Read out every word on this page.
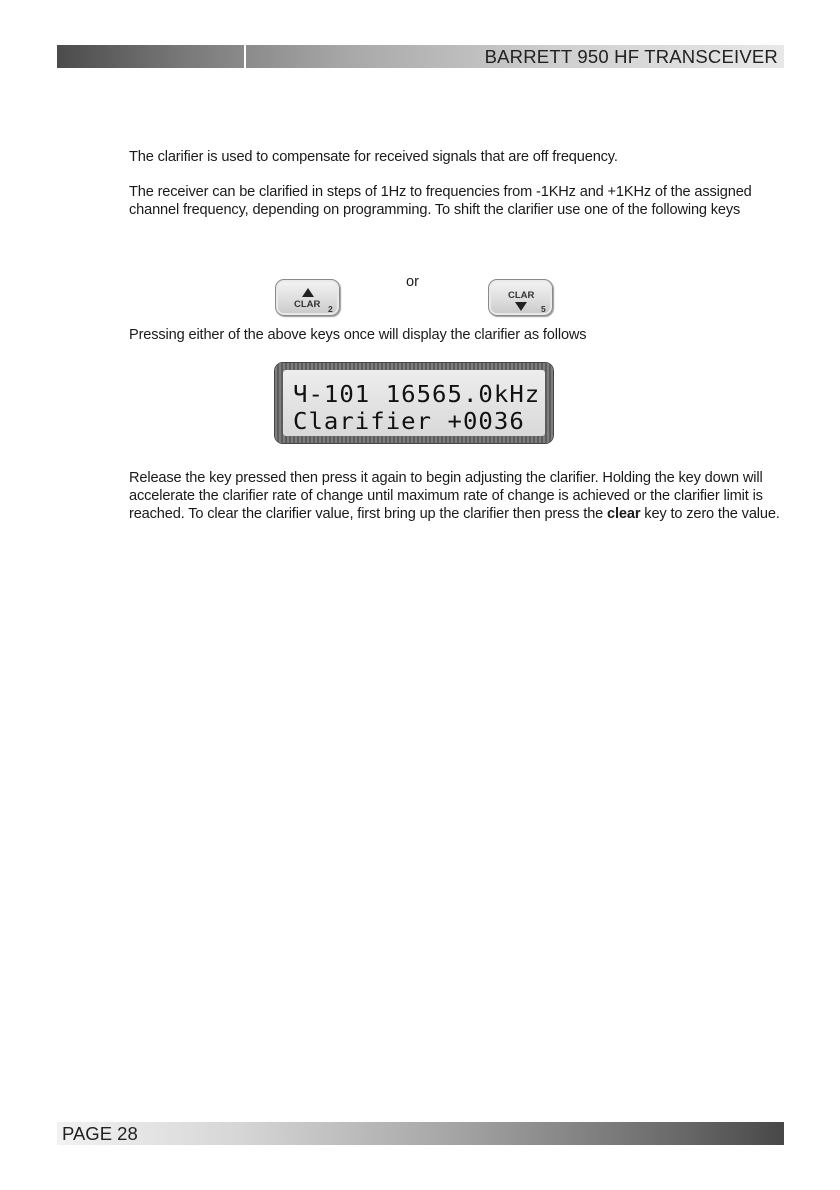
BARRETT 950 HF TRANSCEIVER

The clarifier is used to compensate for received signals that are off frequency.

The receiver can be clarified in steps of 1Hz to frequencies from -1KHz and +1KHz of the assigned channel frequency, depending on programming. To shift the clarifier use one of the following keys

CLAR 2
or
CLAR
5

Pressing either of the above keys once will display the clarifier as follows

Ч-101 16565.0kHz
Clarifier +0036

Release the key pressed then press it again to begin adjusting the clarifier. Holding the key down will accelerate the clarifier rate of change until maximum rate of change is achieved or the clarifier limit is reached. To clear the clarifier value, first bring up the clarifier then press the clear key to zero the value.

PAGE 28
